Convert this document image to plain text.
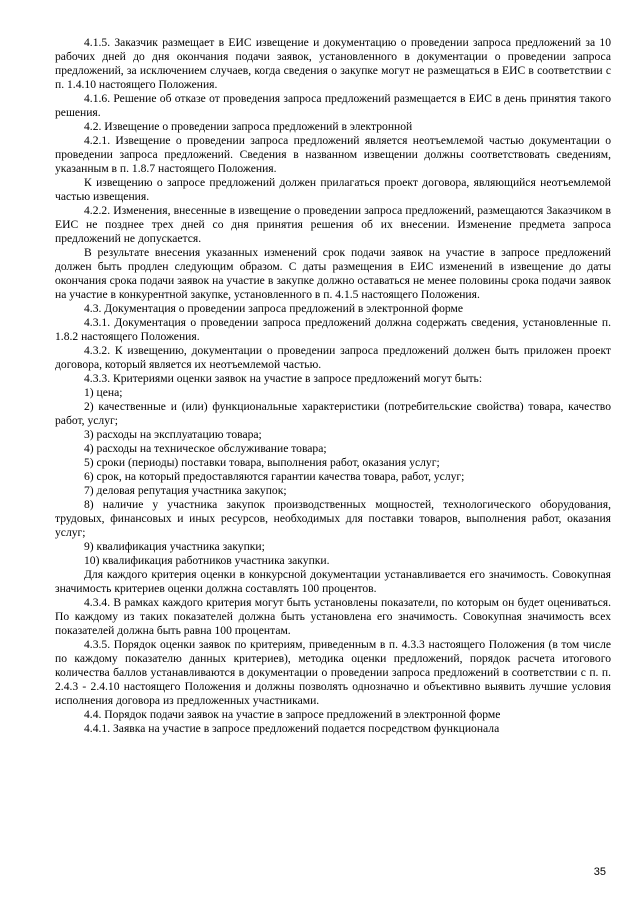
4.1.5. Заказчик размещает в ЕИС извещение и документацию о проведении запроса предложений за 10 рабочих дней до дня окончания подачи заявок, установленного в документации о проведении запроса предложений, за исключением случаев, когда сведения о закупке могут не размещаться в ЕИС в соответствии с п. 1.4.10 настоящего Положения.

4.1.6. Решение об отказе от проведения запроса предложений размещается в ЕИС в день принятия такого решения.

4.2. Извещение о проведении запроса предложений в электронной

4.2.1. Извещение о проведении запроса предложений является неотъемлемой частью документации о проведении запроса предложений. Сведения в названном извещении должны соответствовать сведениям, указанным в п. 1.8.7 настоящего Положения.

К извещению о запросе предложений должен прилагаться проект договора, являющийся неотъемлемой частью извещения.

4.2.2. Изменения, внесенные в извещение о проведении запроса предложений, размещаются Заказчиком в ЕИС не позднее трех дней со дня принятия решения об их внесении. Изменение предмета запроса предложений не допускается.

В результате внесения указанных изменений срок подачи заявок на участие в запросе предложений должен быть продлен следующим образом. С даты размещения в ЕИС изменений в извещение до даты окончания срока подачи заявок на участие в закупке должно оставаться не менее половины срока подачи заявок на участие в конкурентной закупке, установленного в п. 4.1.5 настоящего Положения.

4.3. Документация о проведении запроса предложений в электронной форме

4.3.1. Документация о проведении запроса предложений должна содержать сведения, установленные п. 1.8.2 настоящего Положения.

4.3.2. К извещению, документации о проведении запроса предложений должен быть приложен проект договора, который является их неотъемлемой частью.

4.3.3. Критериями оценки заявок на участие в запросе предложений могут быть:

1) цена;

2) качественные и (или) функциональные характеристики (потребительские свойства) товара, качество работ, услуг;

3) расходы на эксплуатацию товара;

4) расходы на техническое обслуживание товара;

5) сроки (периоды) поставки товара, выполнения работ, оказания услуг;

6) срок, на который предоставляются гарантии качества товара, работ, услуг;

7) деловая репутация участника закупок;

8) наличие у участника закупок производственных мощностей, технологического оборудования, трудовых, финансовых и иных ресурсов, необходимых для поставки товаров, выполнения работ, оказания услуг;

9) квалификация участника закупки;

10) квалификация работников участника закупки.

Для каждого критерия оценки в конкурсной документации устанавливается его значимость. Совокупная значимость критериев оценки должна составлять 100 процентов.

4.3.4. В рамках каждого критерия могут быть установлены показатели, по которым он будет оцениваться. По каждому из таких показателей должна быть установлена его значимость. Совокупная значимость всех показателей должна быть равна 100 процентам.

4.3.5. Порядок оценки заявок по критериям, приведенным в п. 4.3.3 настоящего Положения (в том числе по каждому показателю данных критериев), методика оценки предложений, порядок расчета итогового количества баллов устанавливаются в документации о проведении запроса предложений в соответствии с п. п. 2.4.3 - 2.4.10 настоящего Положения и должны позволять однозначно и объективно выявить лучшие условия исполнения договора из предложенных участниками.

4.4. Порядок подачи заявок на участие в запросе предложений в электронной форме

4.4.1. Заявка на участие в запросе предложений подается посредством функционала

35
